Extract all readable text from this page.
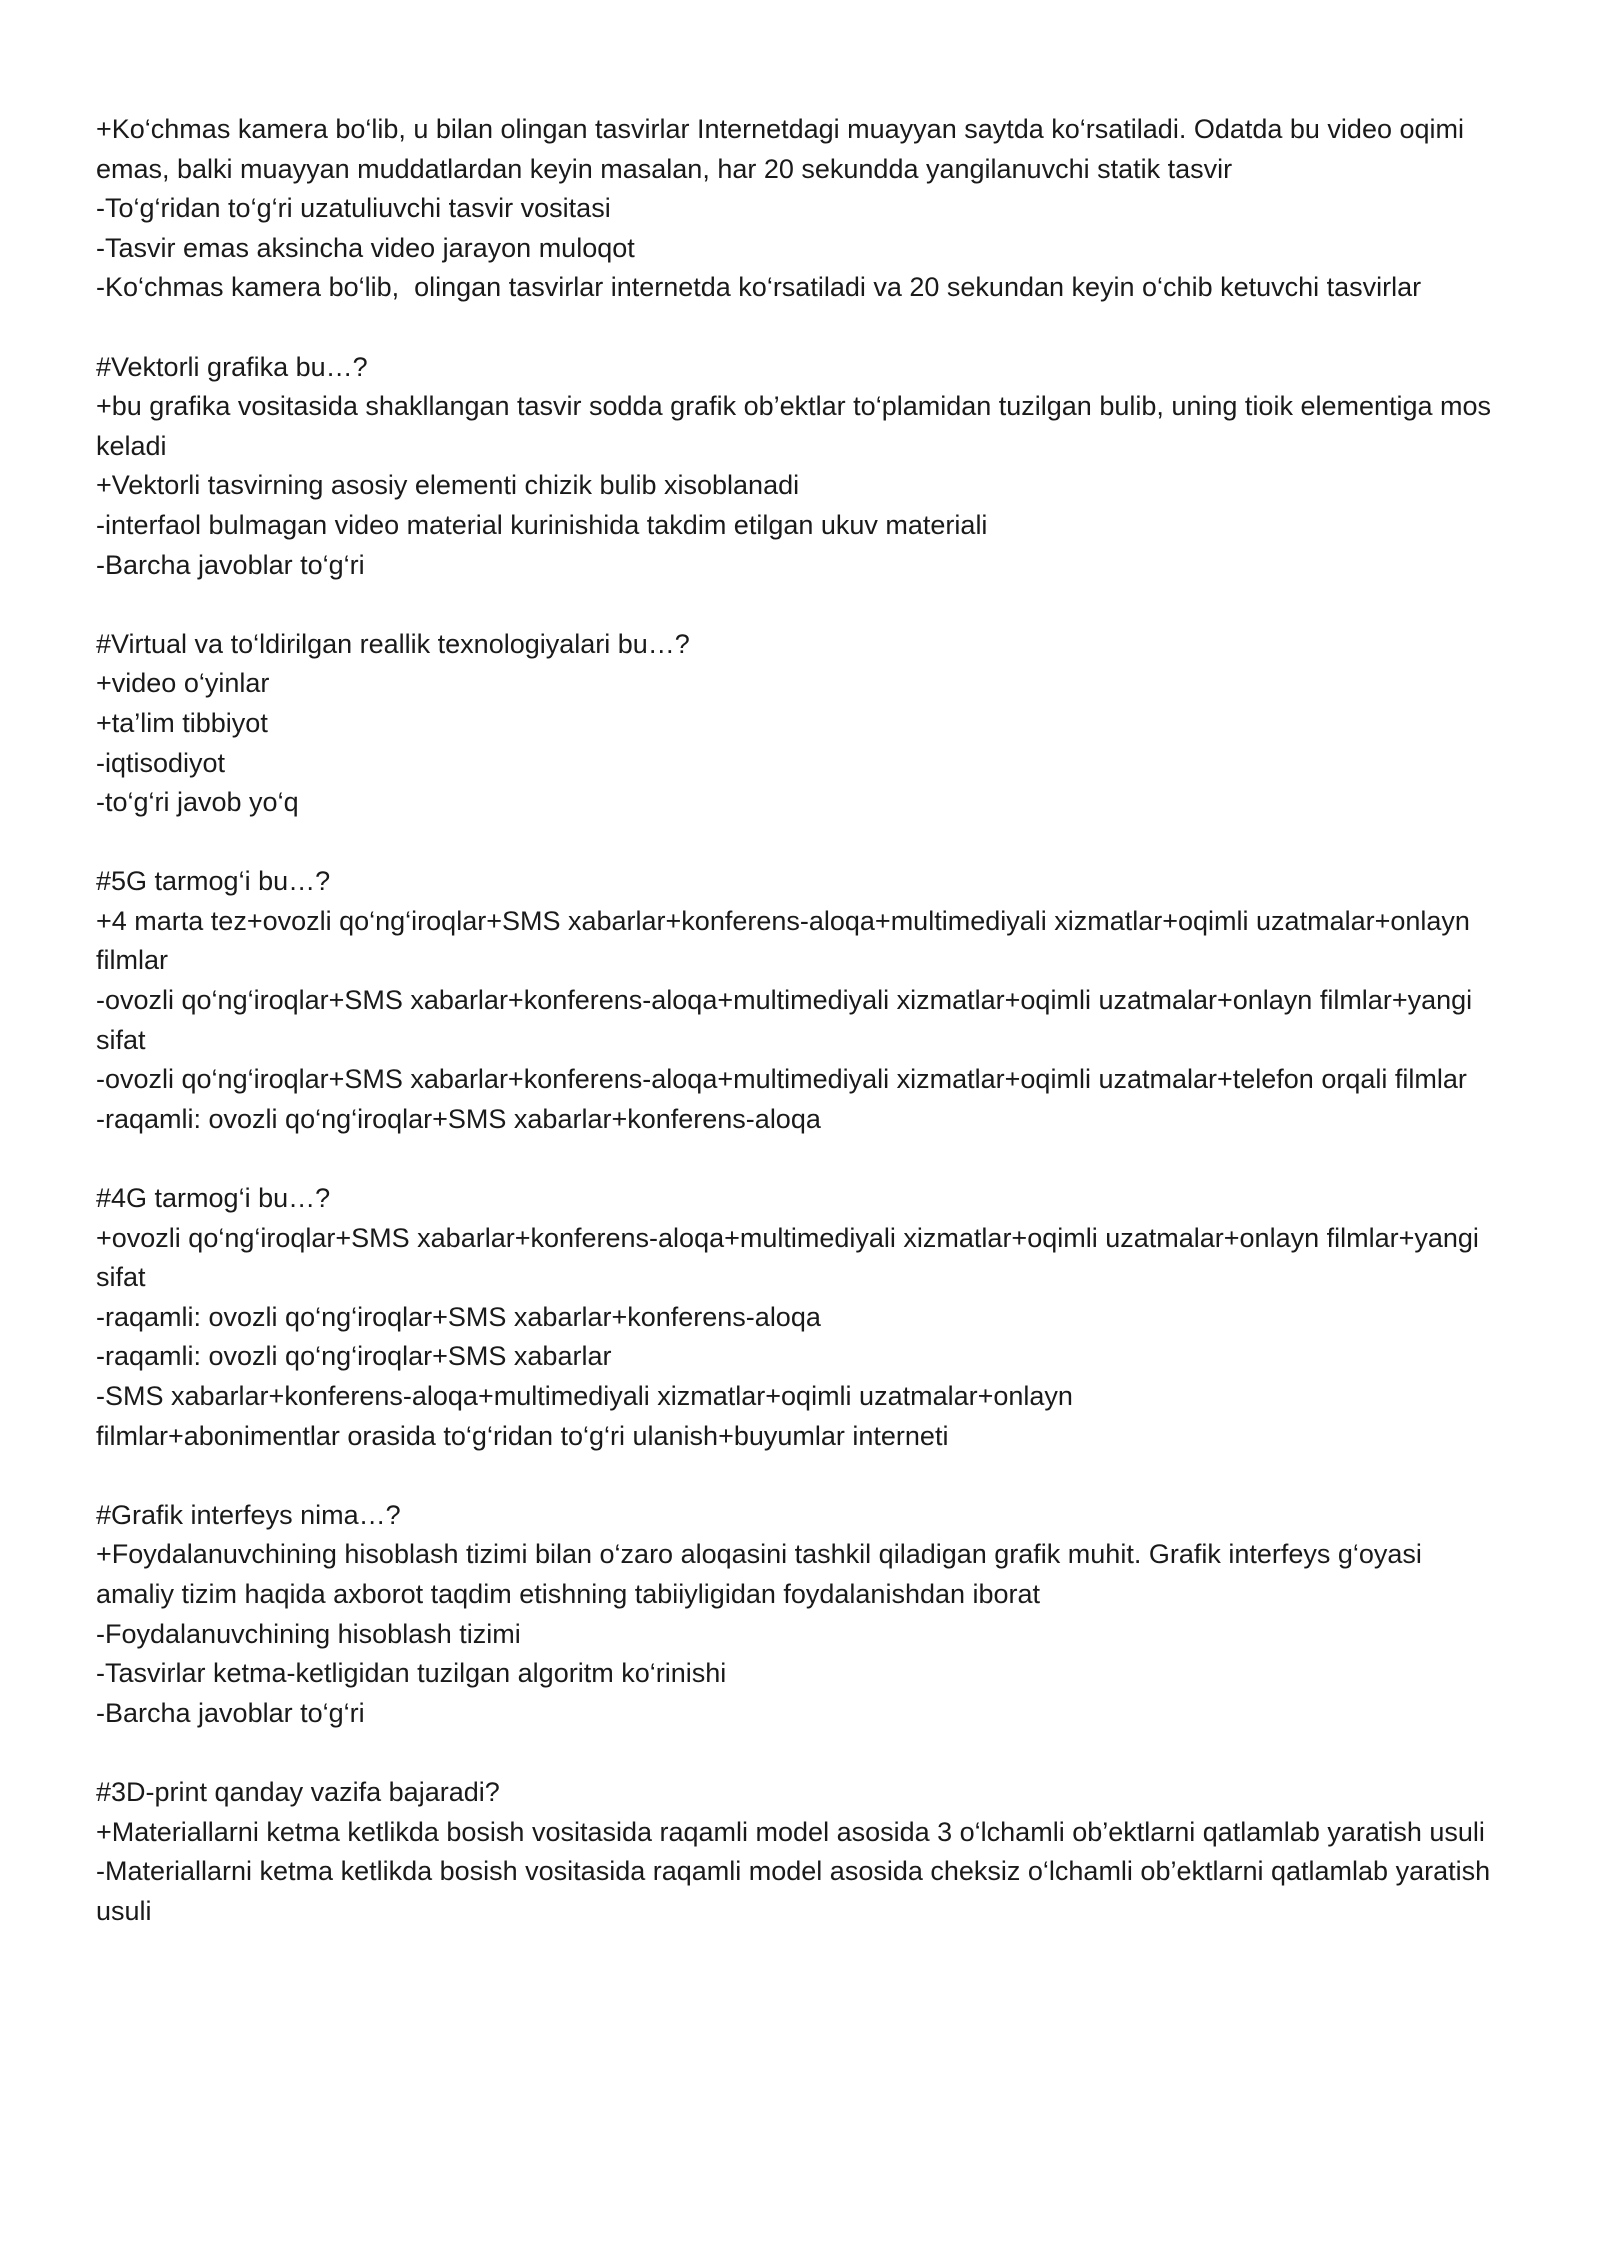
+Ko‘chmas kamera bo‘lib, u bilan olingan tasvirlar Internetdagi muayyan saytda ko‘rsatiladi. Odatda bu video oqimi emas, balki muayyan muddatlardan keyin masalan, har 20 sekundda yangilanuvchi statik tasvir
-To‘g‘ridan to‘g‘ri uzatuliuvchi tasvir vositasi
-Tasvir emas aksincha video jarayon muloqot
-Ko‘chmas kamera bo‘lib,  olingan tasvirlar internetda ko‘rsatiladi va 20 sekundan keyin o‘chib ketuvchi tasvirlar
#Vektorli grafika bu…?
+bu grafika vositasida shakllangan tasvir sodda grafik ob’ektlar to‘plamidan tuzilgan bulib, uning tioik elementiga mos keladi
+Vektorli tasvirning asosiy elementi chizik bulib xisoblanadi
-interfaol bulmagan video material kurinishida takdim etilgan ukuv materiali
-Barcha javoblar to‘g‘ri
#Virtual va to‘ldirilgan reallik texnologiyalari bu…?
+video o‘yinlar
+ta’lim tibbiyot
-iqtisodiyot
-to‘g‘ri javob yo‘q
#5G tarmog‘i bu…?
+4 marta tez+ovozli qo‘ng‘iroqlar+SMS xabarlar+konferens-aloqa+multimediyali xizmatlar+oqimli uzatmalar+onlayn filmlar
-ovozli qo‘ng‘iroqlar+SMS xabarlar+konferens-aloqa+multimediyali xizmatlar+oqimli uzatmalar+onlayn filmlar+yangi sifat
-ovozli qo‘ng‘iroqlar+SMS xabarlar+konferens-aloqa+multimediyali xizmatlar+oqimli uzatmalar+telefon orqali filmlar
-raqamli: ovozli qo‘ng‘iroqlar+SMS xabarlar+konferens-aloqa
#4G tarmog‘i bu…?
+ovozli qo‘ng‘iroqlar+SMS xabarlar+konferens-aloqa+multimediyali xizmatlar+oqimli uzatmalar+onlayn filmlar+yangi sifat
-raqamli: ovozli qo‘ng‘iroqlar+SMS xabarlar+konferens-aloqa
-raqamli: ovozli qo‘ng‘iroqlar+SMS xabarlar
-SMS xabarlar+konferens-aloqa+multimediyali xizmatlar+oqimli uzatmalar+onlayn
filmlar+abonimentlar orasida to‘g‘ridan to‘g‘ri ulanish+buyumlar interneti
#Grafik interfeys nima…?
+Foydalanuvchining hisoblash tizimi bilan o‘zaro aloqasini tashkil qiladigan grafik muhit. Grafik interfeys g‘oyasi amaliy tizim haqida axborot taqdim etishning tabiiyligidan foydalanishdan iborat
-Foydalanuvchining hisoblash tizimi
-Tasvirlar ketma-ketligidan tuzilgan algoritm ko‘rinishi
-Barcha javoblar to‘g‘ri
#3D-print qanday vazifa bajaradi?
+Materiallarni ketma ketlikda bosish vositasida raqamli model asosida 3 o‘lchamli ob’ektlarni qatlamlab yaratish usuli
-Materiallarni ketma ketlikda bosish vositasida raqamli model asosida cheksiz o‘lchamli ob’ektlarni qatlamlab yaratish usuli
